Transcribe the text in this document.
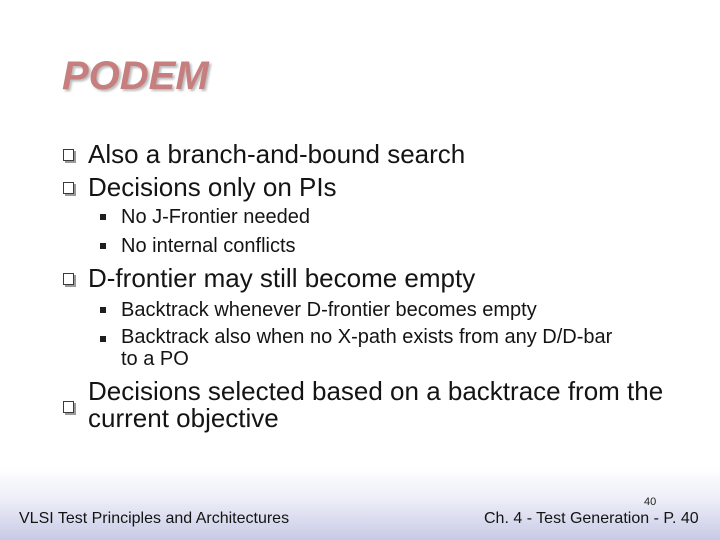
PODEM
Also a branch-and-bound search
Decisions only on PIs
No J-Frontier needed
No internal conflicts
D-frontier may still become empty
Backtrack whenever D-frontier becomes empty
Backtrack also when no X-path exists from any D/D-bar to a PO
Decisions selected based on a backtrace from the current objective
VLSI Test Principles and Architectures
40
Ch. 4 - Test Generation - P. 40
